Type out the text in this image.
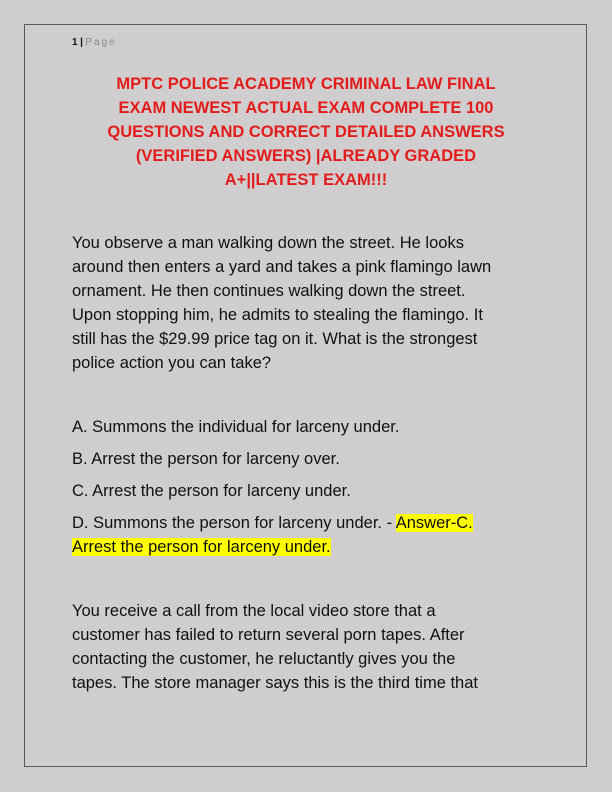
1 | Page
MPTC POLICE ACADEMY CRIMINAL LAW FINAL
EXAM NEWEST ACTUAL EXAM COMPLETE 100
QUESTIONS AND CORRECT DETAILED ANSWERS
(VERIFIED ANSWERS) |ALREADY GRADED
A+||LATEST EXAM!!!
You observe a man walking down the street. He looks
around then enters a yard and takes a pink flamingo lawn
ornament. He then continues walking down the street.
Upon stopping him, he admits to stealing the flamingo. It
still has the $29.99 price tag on it. What is the strongest
police action you can take?
A. Summons the individual for larceny under.
B. Arrest the person for larceny over.
C. Arrest the person for larceny under.
D. Summons the person for larceny under. - Answer-C.
Arrest the person for larceny under.
You receive a call from the local video store that a
customer has failed to return several porn tapes. After
contacting the customer, he reluctantly gives you the
tapes. The store manager says this is the third time that
